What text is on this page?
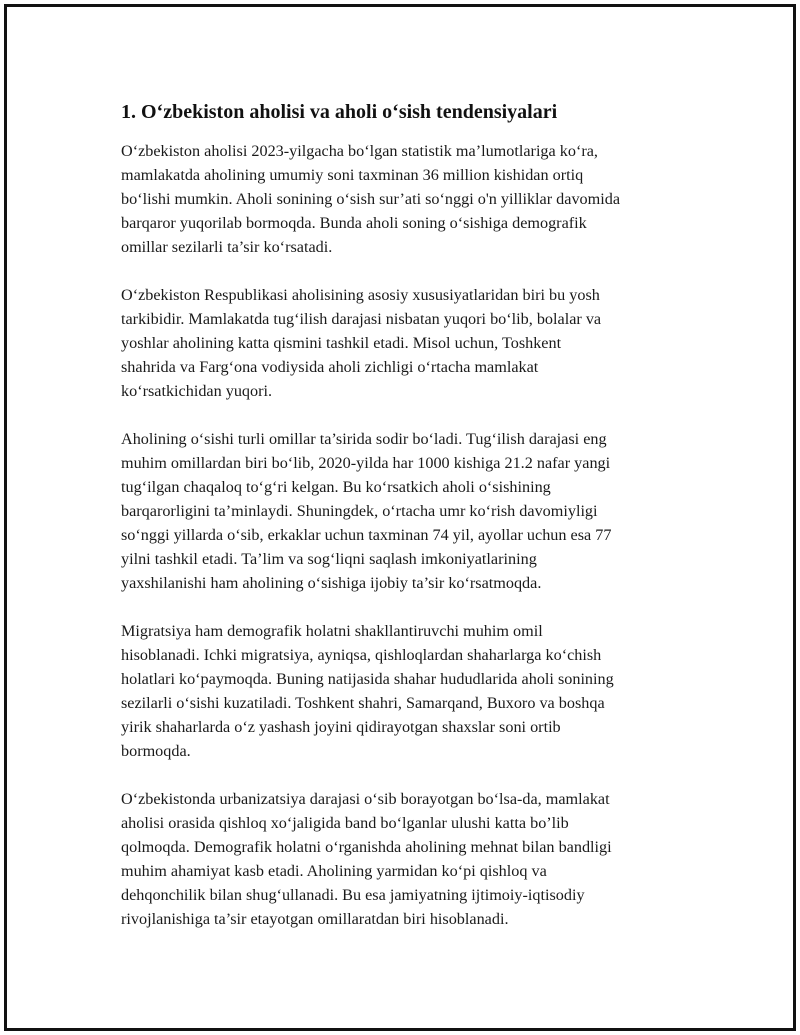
1. O‘zbekiston aholisi va aholi o‘sish tendensiyalari

O‘zbekiston aholisi 2023-yilgacha bo‘lgan statistik ma’lumotlariga ko‘ra,
mamlakatda aholining umumiy soni taxminan 36 million kishidan ortiq
bo‘lishi mumkin. Aholi sonining o‘sish sur’ati so‘nggi o'n yilliklar davomida
barqaror yuqorilab bormoqda. Bunda aholi soning o‘sishiga demografik
omillar sezilarli ta’sir ko‘rsatadi.

O‘zbekiston Respublikasi aholisining asosiy xususiyatlaridan biri bu yosh
tarkibidir. Mamlakatda tug‘ilish darajasi nisbatan yuqori bo‘lib, bolalar va
yoshlar aholining katta qismini tashkil etadi. Misol uchun, Toshkent
shahrida va Farg‘ona vodiysida aholi zichligi o‘rtacha mamlakat
ko‘rsatkichidan yuqori.

Aholining o‘sishi turli omillar ta’sirida sodir bo‘ladi. Tug‘ilish darajasi eng
muhim omillardan biri bo‘lib, 2020-yilda har 1000 kishiga 21.2 nafar yangi
tug‘ilgan chaqaloq to‘g‘ri kelgan. Bu ko‘rsatkich aholi o‘sishining
barqarorligini ta’minlaydi. Shuningdek, o‘rtacha umr ko‘rish davomiyligi
so‘nggi yillarda o‘sib, erkaklar uchun taxminan 74 yil, ayollar uchun esa 77
yilni tashkil etadi. Ta’lim va sog‘liqni saqlash imkoniyatlarining
yaxshilanishi ham aholining o‘sishiga ijobiy ta’sir ko‘rsatmoqda.

Migratsiya ham demografik holatni shakllantiruvchi muhim omil
hisoblanadi. Ichki migratsiya, ayniqsa, qishloqlardan shaharlarga ko‘chish
holatlari ko‘paymoqda. Buning natijasida shahar hududlarida aholi sonining
sezilarli o‘sishi kuzatiladi. Toshkent shahri, Samarqand, Buxoro va boshqa
yirik shaharlarda o‘z yashash joyini qidirayotgan shaxslar soni ortib
bormoqda.

O‘zbekistonda urbanizatsiya darajasi o‘sib borayotgan bo‘lsa-da, mamlakat
aholisi orasida qishloq xo‘jaligida band bo‘lganlar ulushi katta bo’lib
qolmoqda. Demografik holatni o‘rganishda aholining mehnat bilan bandligi
muhim ahamiyat kasb etadi. Aholining yarmidan ko‘pi qishloq va
dehqonchilik bilan shug‘ullanadi. Bu esa jamiyatning ijtimoiy-iqtisodiy
rivojlanishiga ta’sir etayotgan omillaratdan biri hisoblanadi.
